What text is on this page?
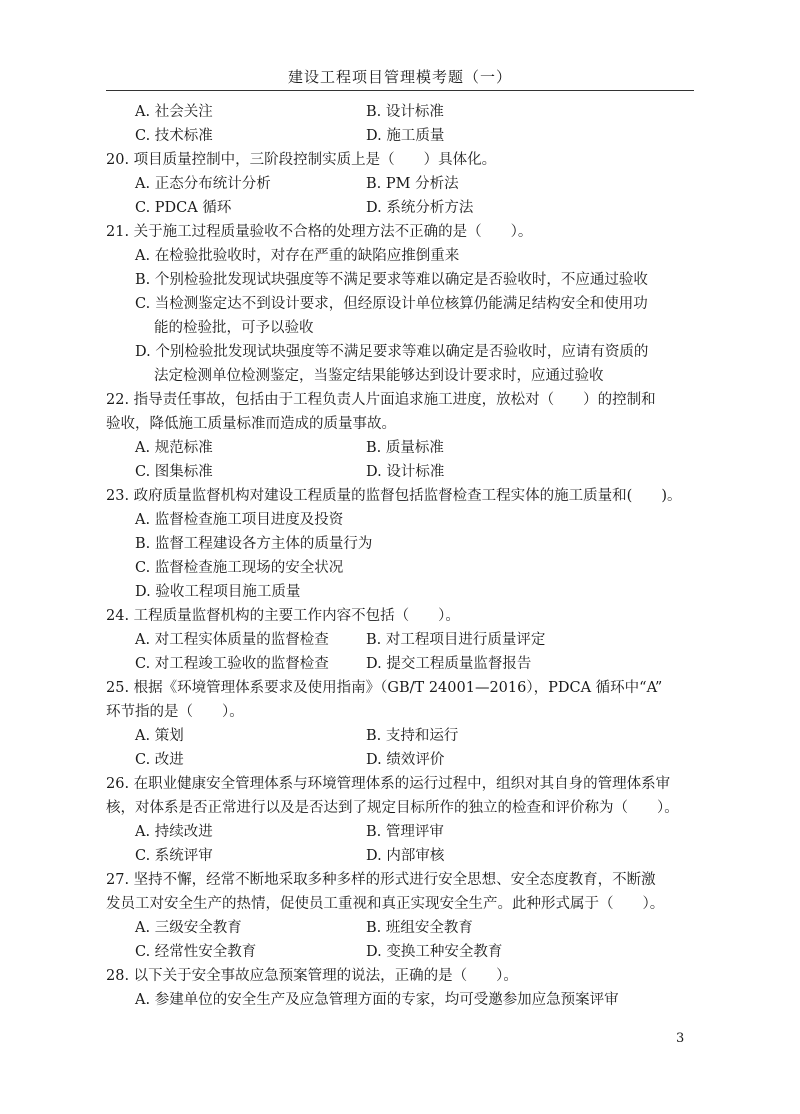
建设工程项目管理模考题（一）
A. 社会关注	B. 设计标准
C. 技术标准	D. 施工质量
20. 项目质量控制中，三阶段控制实质上是（　　）具体化。
A. 正态分布统计分析	B. PM 分析法
C. PDCA 循环	D. 系统分析方法
21. 关于施工过程质量验收不合格的处理方法不正确的是（　　）。
A. 在检验批验收时，对存在严重的缺陷应推倒重来
B. 个别检验批发现试块强度等不满足要求等难以确定是否验收时，不应通过验收
C. 当检测鉴定达不到设计要求，但经原设计单位核算仍能满足结构安全和使用功
能的检验批，可予以验收
D. 个别检验批发现试块强度等不满足要求等难以确定是否验收时，应请有资质的
法定检测单位检测鉴定，当鉴定结果能够达到设计要求时，应通过验收
22. 指导责任事故，包括由于工程负责人片面追求施工进度，放松对（　　）的控制和
验收，降低施工质量标准而造成的质量事故。
A. 规范标准	B. 质量标准
C. 图集标准	D. 设计标准
23. 政府质量监督机构对建设工程质量的监督包括监督检查工程实体的施工质量和(　　)。
A. 监督检查施工项目进度及投资
B. 监督工程建设各方主体的质量行为
C. 监督检查施工现场的安全状况
D. 验收工程项目施工质量
24. 工程质量监督机构的主要工作内容不包括（　　）。
A. 对工程实体质量的监督检查	B. 对工程项目进行质量评定
C. 对工程竣工验收的监督检查	D. 提交工程质量监督报告
25. 根据《环境管理体系要求及使用指南》（GB/T 24001—2016），PDCA 循环中“A”
环节指的是（　　）。
A. 策划	B. 支持和运行
C. 改进	D. 绩效评价
26. 在职业健康安全管理体系与环境管理体系的运行过程中，组织对其自身的管理体系审
核，对体系是否正常进行以及是否达到了规定目标所作的独立的检查和评价称为（　　）。
A. 持续改进	B. 管理评审
C. 系统评审	D. 内部审核
27. 坚持不懈，经常不断地采取多种多样的形式进行安全思想、安全态度教育，不断激
发员工对安全生产的热情，促使员工重视和真正实现安全生产。此种形式属于（　　）。
A. 三级安全教育	B. 班组安全教育
C. 经常性安全教育	D. 变换工种安全教育
28. 以下关于安全事故应急预案管理的说法，正确的是（　　）。
A. 参建单位的安全生产及应急管理方面的专家，均可受邀参加应急预案评审
3
